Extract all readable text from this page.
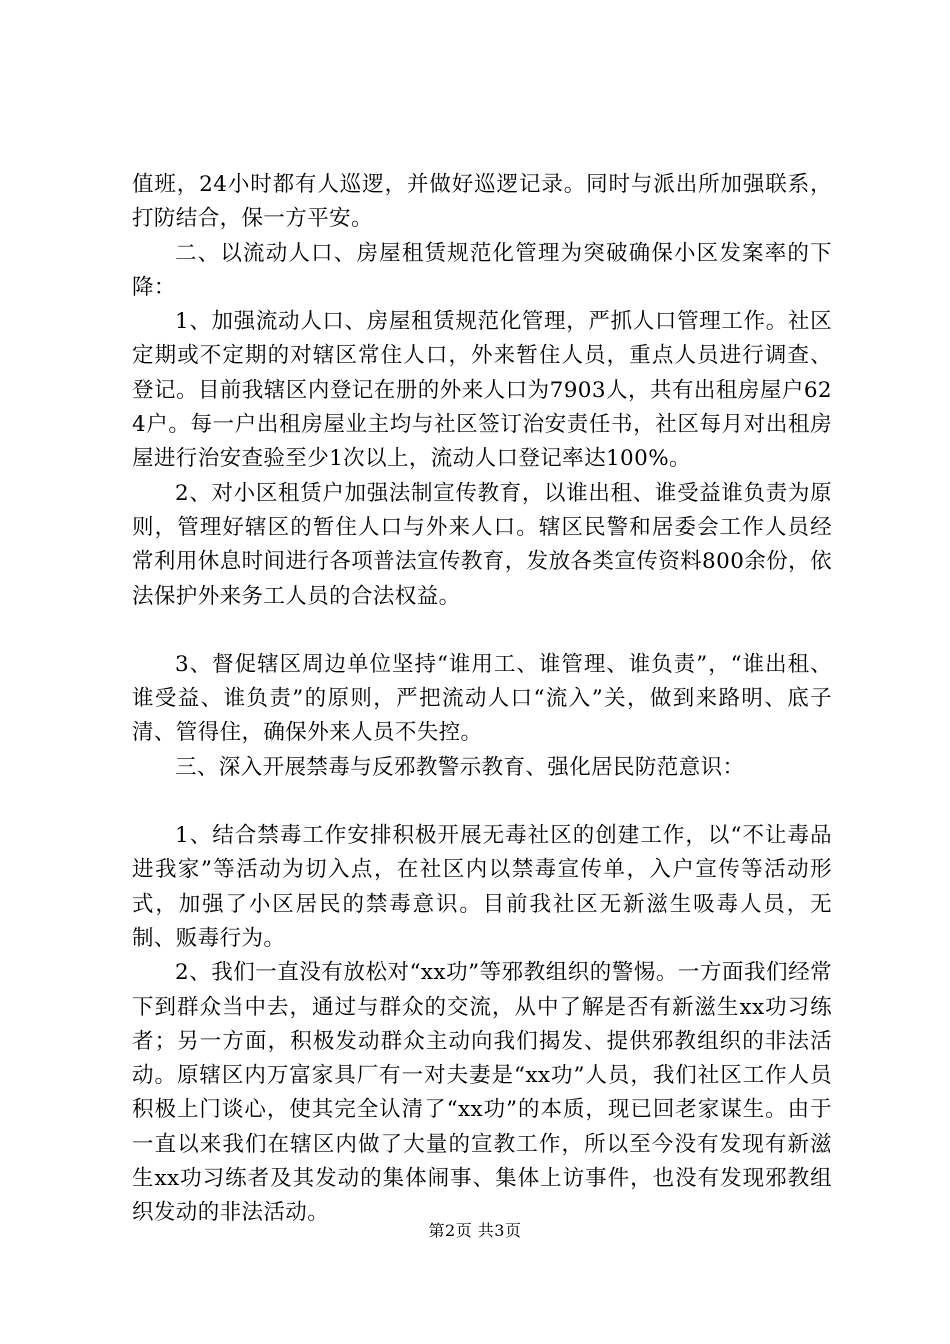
值班，24小时都有人巡逻，并做好巡逻记录。同时与派出所加强联系，打防结合，保一方平安。

二、以流动人口、房屋租赁规范化管理为突破确保小区发案率的下降：

1、加强流动人口、房屋租赁规范化管理，严抓人口管理工作。社区定期或不定期的对辖区常住人口，外来暂住人员，重点人员进行调查、登记。目前我辖区内登记在册的外来人口为7903人，共有出租房屋户624户。每一户出租房屋业主均与社区签订治安责任书，社区每月对出租房屋进行治安查验至少1次以上，流动人口登记率达100%。

2、对小区租赁户加强法制宣传教育，以谁出租、谁受益谁负责为原则，管理好辖区的暂住人口与外来人口。辖区民警和居委会工作人员经常利用休息时间进行各项普法宣传教育，发放各类宣传资料800余份，依法保护外来务工人员的合法权益。

3、督促辖区周边单位坚持“谁用工、谁管理、谁负责”，“谁出租、谁受益、谁负责”的原则，严把流动人口“流入”关，做到来路明、底子清、管得住，确保外来人员不失控。

三、深入开展禁毒与反邪教警示教育、强化居民防范意识：

1、结合禁毒工作安排积极开展无毒社区的创建工作，以“不让毒品进我家”等活动为切入点，在社区内以禁毒宣传单，入户宣传等活动形式，加强了小区居民的禁毒意识。目前我社区无新滋生吸毒人员，无制、贩毒行为。

2、我们一直没有放松对“xx功”等邪教组织的警惕。一方面我们经常下到群众当中去，通过与群众的交流，从中了解是否有新滋生xx功习练者；另一方面，积极发动群众主动向我们揭发、提供邪教组织的非法活动。原辖区内万富家具厂有一对夫妻是“xx功”人员，我们社区工作人员积极上门谈心，使其完全认清了“xx功”的本质，现已回老家谋生。由于一直以来我们在辖区内做了大量的宣教工作，所以至今没有发现有新滋生xx功习练者及其发动的集体闹事、集体上访事件，也没有发现邪教组织发动的非法活动。

第2页 共3页
